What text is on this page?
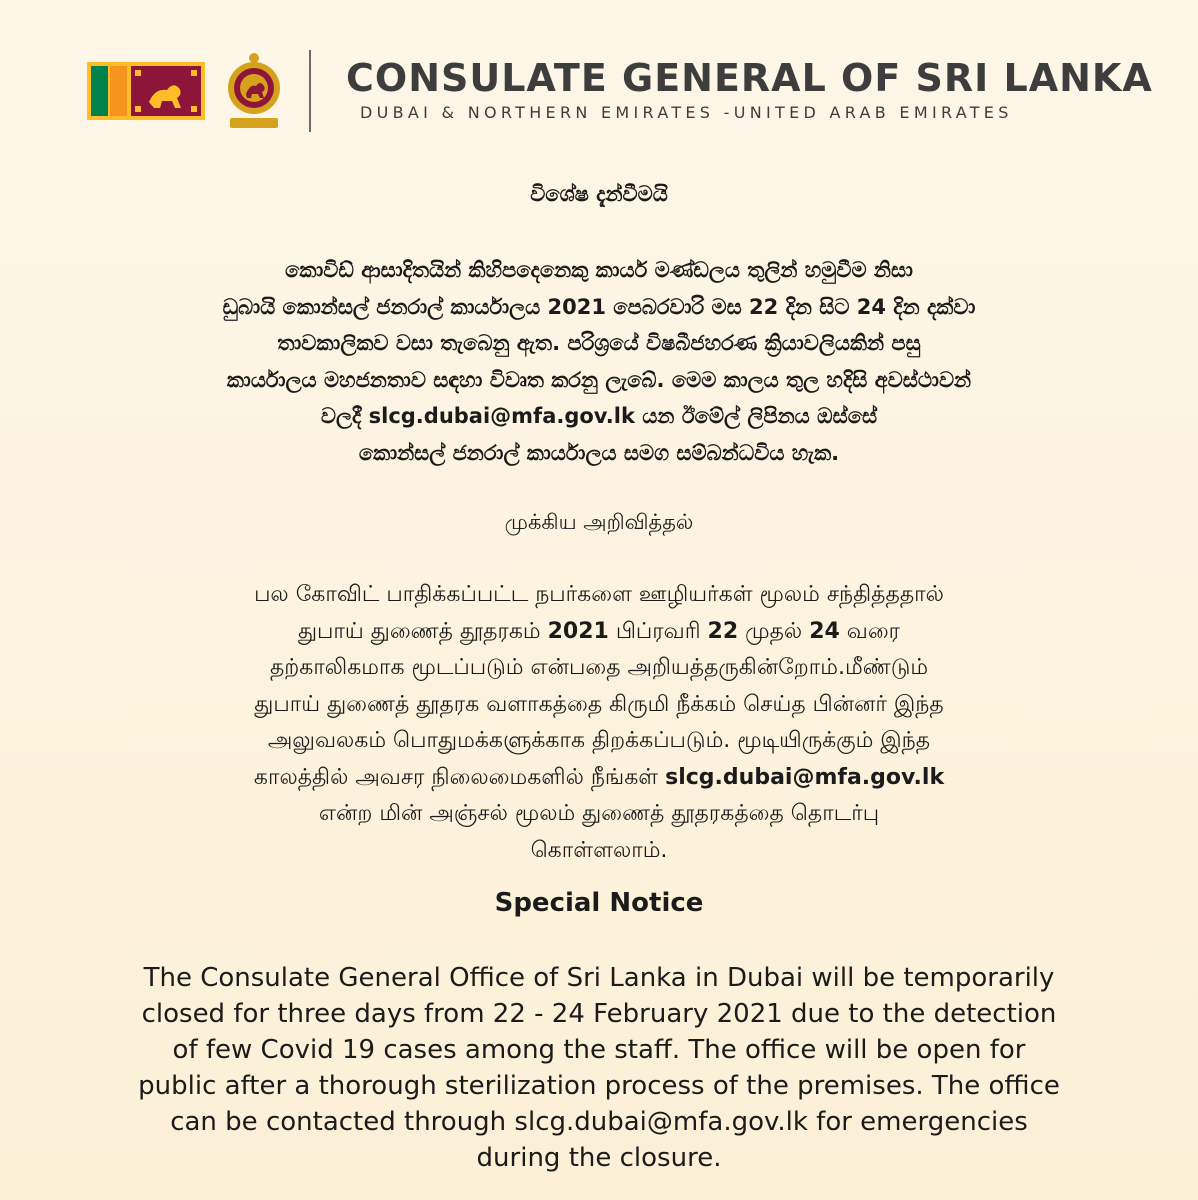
CONSULATE GENERAL OF SRI LANKA
DUBAI & NORTHERN EMIRATES -UNITED ARAB EMIRATES
විශේෂ දැන්වීමයි
කොවිඩ් ආසාදිතයින් කිහිපදෙනෙකු කාර්ය මණ්ඩලය තුලින් හමුවීම නිසා
ඩුබායි කොන්සල් ජනරාල් කාර්යාලය 2021 පෙබරවාරි මස 22 දින සිට 24 දින දක්වා
තාවකාලිකව වසා තැබෙනු ඇත. පරිශ්‍රයේ විෂබීජහරණ ක්‍රියාවලියකින් පසු
කාර්යාලය මහජනතාව සඳහා විවෘත කරනු ලැබේ. මෙම කාලය තුල හදිසි අවස්ථාවන්
වලදී slcg.dubai@mfa.gov.lk යන ඊමේල් ලිපිනය ඔස්සේ
කොන්සල් ජනරාල් කාර්යාලය සමග සම්බන්ධවිය හැක.
முக்கிய அறிவித்தல்
பல கோவிட் பாதிக்கப்பட்ட நபர்களை ஊழியர்கள் மூலம் சந்தித்ததால்
துபாய் துணைத் தூதரகம் 2021 பிப்ரவரி 22 முதல் 24 வரை
தற்காலிகமாக மூடப்படும் என்பதை அறியத்தருகின்றோம்.மீண்டும்
துபாய் துணைத் தூதரக வளாகத்தை கிருமி நீக்கம் செய்த பின்னர் இந்த
அலுவலகம் பொதுமக்களுக்காக திறக்கப்படும். மூடியிருக்கும் இந்த
காலத்தில் அவசர நிலைமைகளில் நீங்கள் slcg.dubai@mfa.gov.lk
என்ற மின் அஞ்சல் மூலம் துணைத் தூதரகத்தை தொடர்பு
கொள்ளலாம்.
Special Notice
The Consulate General Office of Sri Lanka in Dubai will be temporarily
closed for three days from 22 - 24 February 2021 due to the detection
of few Covid 19 cases among the staff. The office will be open for
public after a thorough sterilization process of the premises. The office
can be contacted through slcg.dubai@mfa.gov.lk for emergencies
during the closure.
